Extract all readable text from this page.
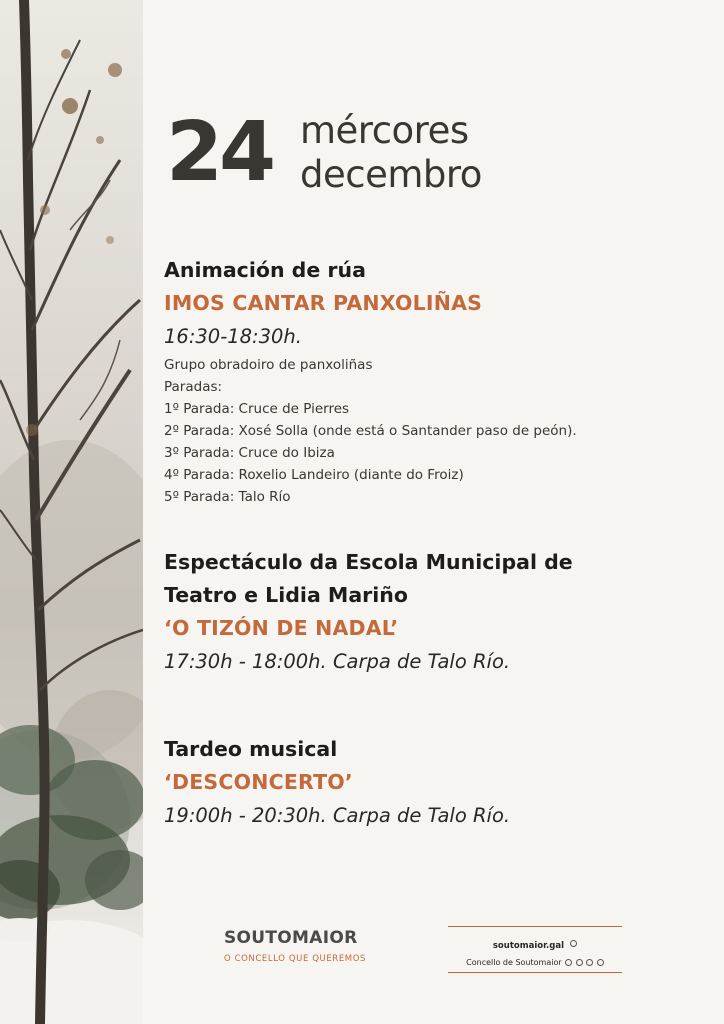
24 mércores
decembro
Animación de rúa
IMOS CANTAR PANXOLIÑAS
16:30-18:30h.
Grupo obradoiro de panxoliñas
Paradas:
1º Parada: Cruce de Pierres
2º Parada: Xosé Solla (onde está o Santander paso de peón).
3º Parada: Cruce do Ibiza
4º Parada: Roxelio Landeiro (diante do Froiz)
5º Parada: Talo Río
Espectáculo da Escola Municipal de
Teatro e Lidia Mariño
‘O TIZÓN DE NADAL’
17:30h - 18:00h. Carpa de Talo Río.
Tardeo musical
‘DESCONCERTO’
19:00h - 20:30h. Carpa de Talo Río.
SOUTOMAIOR
O CONCELLO QUE QUEREMOS
soutomaior.gal
Concello de Soutomaior
